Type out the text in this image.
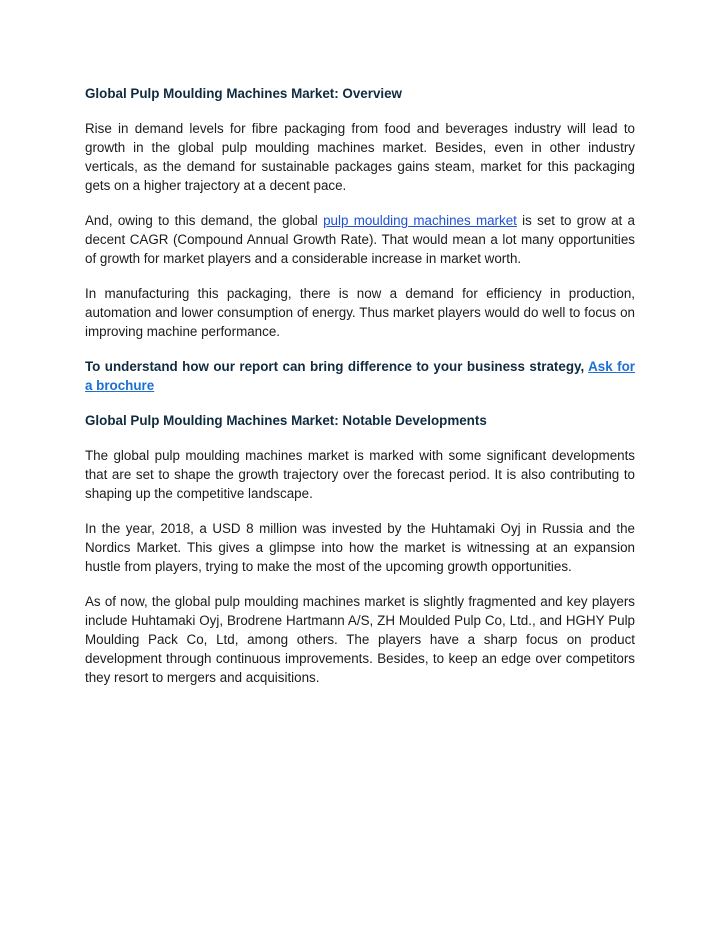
Global Pulp Moulding Machines Market: Overview

Rise in demand levels for fibre packaging from food and beverages industry will lead to growth in the global pulp moulding machines market. Besides, even in other industry verticals, as the demand for sustainable packages gains steam, market for this packaging gets on a higher trajectory at a decent pace.

And, owing to this demand, the global pulp moulding machines market is set to grow at a decent CAGR (Compound Annual Growth Rate). That would mean a lot many opportunities of growth for market players and a considerable increase in market worth.

In manufacturing this packaging, there is now a demand for efficiency in production, automation and lower consumption of energy. Thus market players would do well to focus on improving machine performance.

To understand how our report can bring difference to your business strategy, Ask for a brochure
Global Pulp Moulding Machines Market: Notable Developments

The global pulp moulding machines market is marked with some significant developments that are set to shape the growth trajectory over the forecast period. It is also contributing to shaping up the competitive landscape.

In the year, 2018, a USD 8 million was invested by the Huhtamaki Oyj in Russia and the Nordics Market. This gives a glimpse into how the market is witnessing at an expansion hustle from players, trying to make the most of the upcoming growth opportunities.

As of now, the global pulp moulding machines market is slightly fragmented and key players include Huhtamaki Oyj, Brodrene Hartmann A/S, ZH Moulded Pulp Co, Ltd., and HGHY Pulp Moulding Pack Co, Ltd, among others. The players have a sharp focus on product development through continuous improvements. Besides, to keep an edge over competitors they resort to mergers and acquisitions.
